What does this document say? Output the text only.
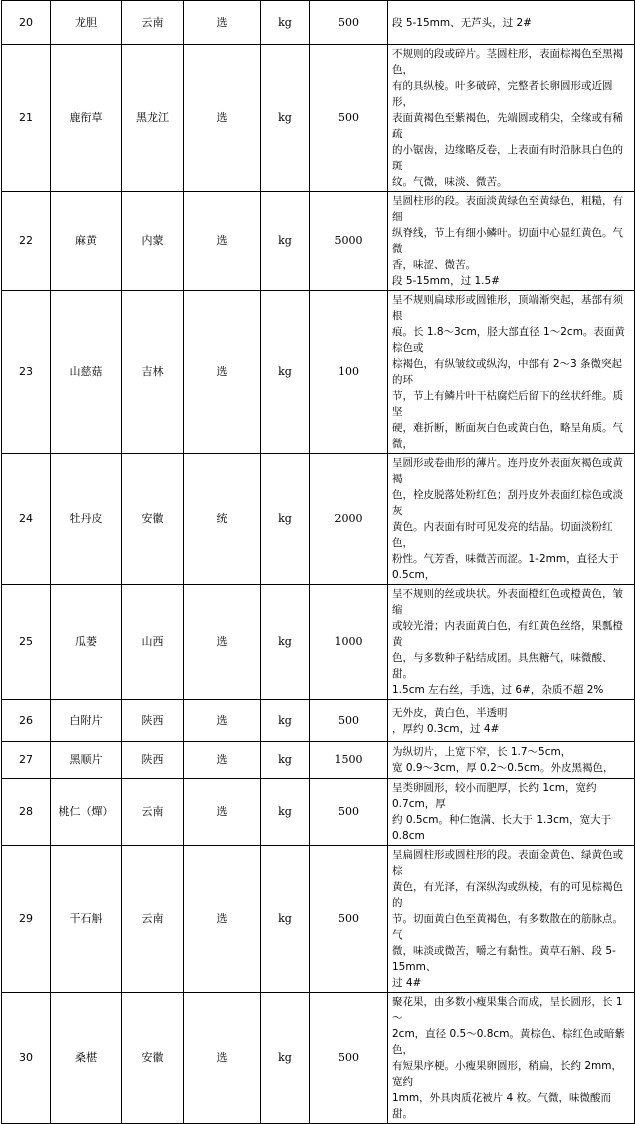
20	龙胆	云南	选	kg	500	段 5-15mm、无芦头，过 2#

21	鹿衔草	黑龙江	选	kg	500	不规则的段或碎片。茎圆柱形，表面棕褐色至黑褐色，
有的具纵棱。叶多破碎，完整者长卵圆形或近圆形，
表面黄褐色至紫褐色，先端圆或稍尖，全缘或有稀疏
的小锯齿，边缘略反卷，上表面有时沿脉具白色的斑
纹。气微，味淡、微苦。

22	麻黄	内蒙	选	kg	5000	呈圆柱形的段。表面淡黄绿色至黄绿色，粗糙，有细
纵脊线，节上有细小鳞叶。切面中心显红黄色。气微
香，味涩、微苦。
段 5-15mm，过 1.5#

23	山慈菇	吉林	选	kg	100	呈不规则扁球形或圆锥形，顶端渐突起，基部有须根
痕。长 1.8～3cm，胫大部直径 1～2cm。表面黄棕色或
棕褐色，有纵皱纹或纵沟，中部有 2～3 条微突起的环
节，节上有鳞片叶干枯腐烂后留下的丝状纤维。质坚
硬，难折断，断面灰白色或黄白色，略呈角质。气微，

24	牡丹皮	安徽	统	kg	2000	呈圆形或卷曲形的薄片。连丹皮外表面灰褐色或黄褐
色，栓皮脱落处粉红色；刮丹皮外表面红棕色或淡灰
黄色。内表面有时可见发亮的结晶。切面淡粉红色，
粉性。气芳香，味微苦而涩。1-2mm，直径大于 0.5cm，

25	瓜蒌	山西	选	kg	1000	呈不规则的丝或块状。外表面橙红色或橙黄色，皱缩
或较光滑；内表面黄白色，有红黄色丝络，果瓢橙黄
色，与多数种子粘结成团。具焦糖气，味微酸、甜。
1.5cm 左右丝，手选，过 6#，杂质不超 2%

26	白附片	陕西	选	kg	500	无外皮，黄白色，半透明
，厚约 0.3cm，过 4#

27	黑顺片	陕西	选	kg	1500	为纵切片，上宽下窄，长 1.7～5cm，
宽 0.9～3cm，厚 0.2～0.5cm。外皮黑褐色，

28	桃仁（燀）	云南	选	kg	500	呈类卵圆形，较小而肥厚，长约 1cm，宽约 0.7cm，厚
约 0.5cm。种仁饱满、长大于 1.3cm，宽大于 0.8cm

29	干石斛	云南	选	kg	500	呈扁圆柱形或圆柱形的段。表面金黄色、绿黄色或棕
黄色，有光泽，有深纵沟或纵棱，有的可见棕褐色的
节。切面黄白色至黄褐色，有多数散在的筋脉点。气
微，味淡或微苦，嚼之有黏性。黄草石斛、段 5-15mm、
过 4#

30	桑椹	安徽	选	kg	500	聚花果，由多数小瘦果集合而成，呈长圆形，长 1～
2cm，直径 0.5～0.8cm。黄棕色、棕红色或暗紫色，
有短果序梗。小瘦果卵圆形，稍扁，长约 2mm，宽约
1mm，外具肉质花被片 4 枚。气微，味微酸而甜。
